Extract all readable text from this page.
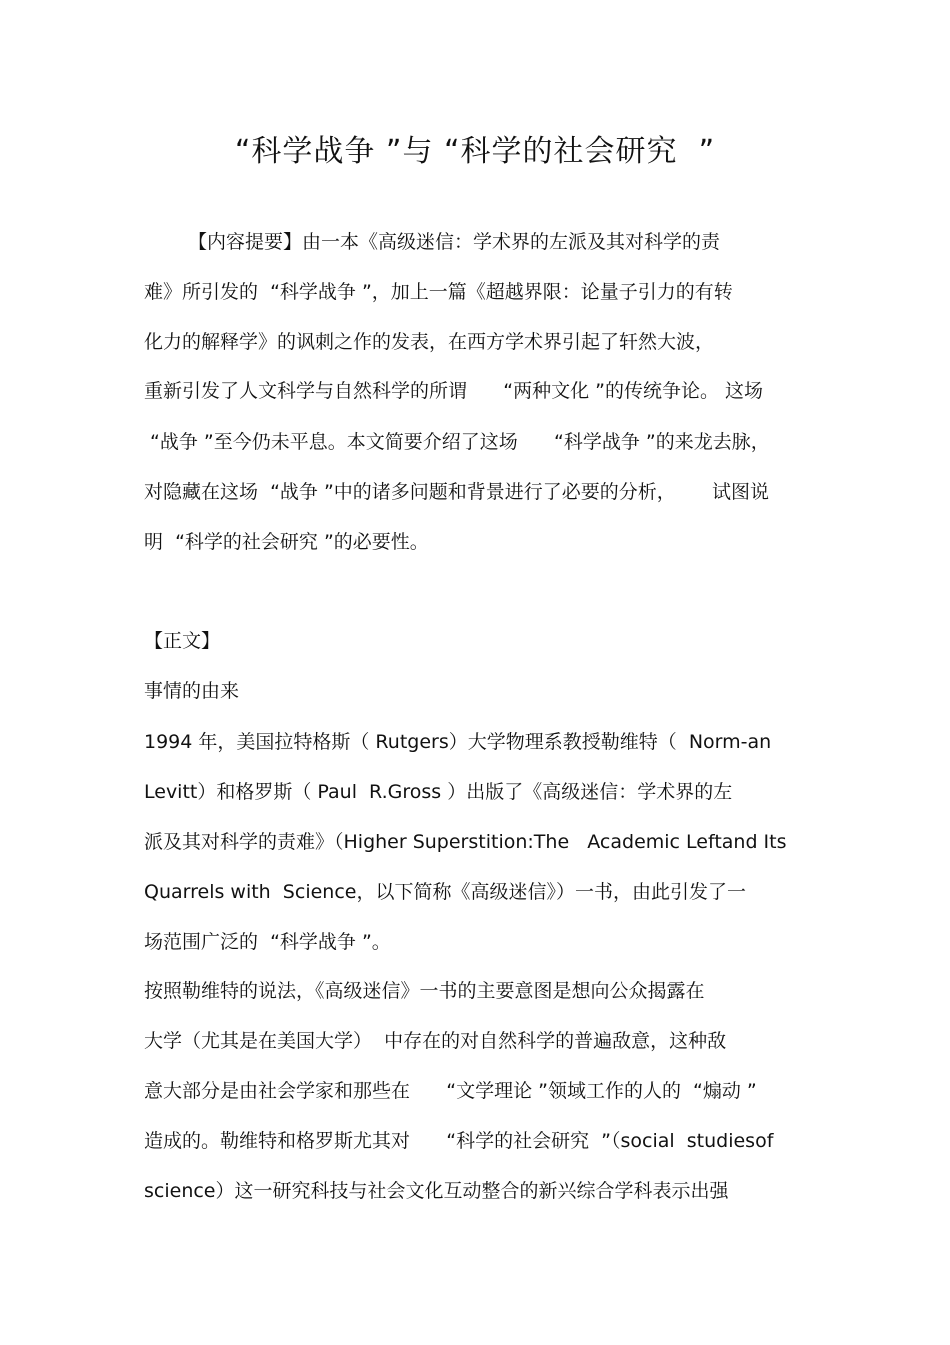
“科学战争 ”与 “科学的社会研究  ”
【内容提要】由一本《高级迷信：学术界的左派及其对科学的责
难》所引发的  “科学战争 ”，加上一篇《超越界限：论量子引力的有转
化力的解释学》的讽刺之作的发表，在西方学术界引起了轩然大波，
重新引发了人文科学与自然科学的所谓      “两种文化 ”的传统争论。 这场
“战争 ”至今仍未平息。本文简要介绍了这场      “科学战争 ”的来龙去脉，
对隐藏在这场  “战争 ”中的诸多问题和背景进行了必要的分析，      试图说
明  “科学的社会研究 ”的必要性。
【正文】
事情的由来
1994 年，美国拉特格斯（ Rutgers）大学物理系教授勒维特（  Norm-an
Levitt）和格罗斯（ Paul  R.Gross ）出版了《高级迷信：学术界的左
派及其对科学的责难》（Higher Superstition:The   Academic Leftand Its
Quarrels with  Science，以下简称《高级迷信》）一书，由此引发了一
场范围广泛的  “科学战争 ”。
按照勒维特的说法，《高级迷信》一书的主要意图是想向公众揭露在
大学（尤其是在美国大学）  中存在的对自然科学的普遍敌意，这种敌
意大部分是由社会学家和那些在      “文学理论 ”领域工作的人的  “煽动 ”
造成的。勒维特和格罗斯尤其对      “科学的社会研究  ”（social  studiesof
science）这一研究科技与社会文化互动整合的新兴综合学科表示出强
